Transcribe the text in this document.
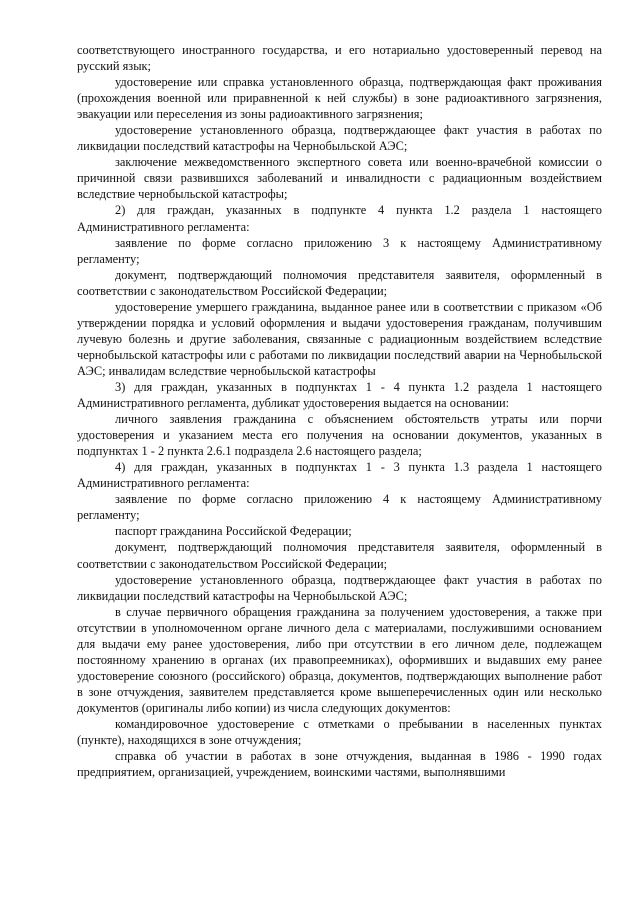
соответствующего иностранного государства, и его нотариально удостоверенный перевод на русский язык;

удостоверение или справка установленного образца, подтверждающая факт проживания (прохождения военной или приравненной к ней службы) в зоне радиоактивного загрязнения, эвакуации или переселения из зоны радиоактивного загрязнения;

удостоверение установленного образца, подтверждающее факт участия в работах по ликвидации последствий катастрофы на Чернобыльской АЭС;

заключение межведомственного экспертного совета или военно-врачебной комиссии о причинной связи развившихся заболеваний и инвалидности с радиационным воздействием вследствие чернобыльской катастрофы;

2) для граждан, указанных в подпункте 4 пункта 1.2 раздела 1 настоящего Административного регламента:

заявление по форме согласно приложению 3 к настоящему Административному регламенту;

документ, подтверждающий полномочия представителя заявителя, оформленный в соответствии с законодательством Российской Федерации;

удостоверение умершего гражданина, выданное ранее или в соответствии с приказом «Об утверждении порядка и условий оформления и выдачи удостоверения гражданам, получившим лучевую болезнь и другие заболевания, связанные с радиационным воздействием вследствие чернобыльской катастрофы или с работами по ликвидации последствий аварии на Чернобыльской АЭС; инвалидам вследствие чернобыльской катастрофы

3) для граждан, указанных в подпунктах 1 - 4 пункта 1.2 раздела 1 настоящего Административного регламента, дубликат удостоверения выдается на основании:

личного заявления гражданина с объяснением обстоятельств утраты или порчи удостоверения и указанием места его получения на основании документов, указанных в подпунктах 1 - 2 пункта 2.6.1 подраздела 2.6 настоящего раздела;

4) для граждан, указанных в подпунктах 1 - 3 пункта 1.3 раздела 1 настоящего Административного регламента:

заявление по форме согласно приложению 4 к настоящему Административному регламенту;

паспорт гражданина Российской Федерации;

документ, подтверждающий полномочия представителя заявителя, оформленный в соответствии с законодательством Российской Федерации;

удостоверение установленного образца, подтверждающее факт участия в работах по ликвидации последствий катастрофы на Чернобыльской АЭС;

в случае первичного обращения гражданина за получением удостоверения, а также при отсутствии в уполномоченном органе личного дела с материалами, послужившими основанием для выдачи ему ранее удостоверения, либо при отсутствии в его личном деле, подлежащем постоянному хранению в органах (их правопреемниках), оформивших и выдавших ему ранее удостоверение союзного (российского) образца, документов, подтверждающих выполнение работ в зоне отчуждения, заявителем представляется кроме вышеперечисленных один или несколько документов (оригиналы либо копии) из числа следующих документов:

командировочное удостоверение с отметками о пребывании в населенных пунктах (пункте), находящихся в зоне отчуждения;

справка об участии в работах в зоне отчуждения, выданная в 1986 - 1990 годах предприятием, организацией, учреждением, воинскими частями, выполнявшими
